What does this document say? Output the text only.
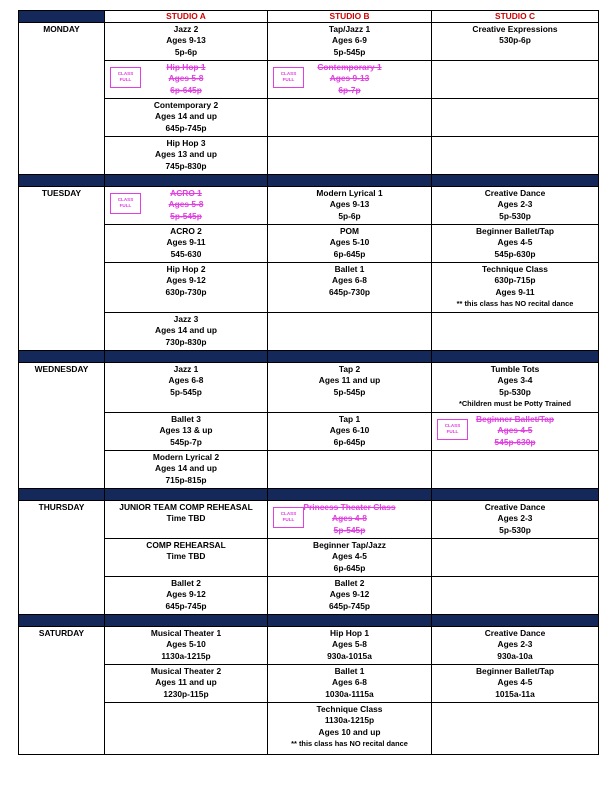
	STUDIO A	STUDIO B	STUDIO C
MONDAY	Jazz 2
Ages 9-13
5p-6p	Tap/Jazz 1
Ages 6-9
5p-545p	Creative Expressions
530p-6p

	CLASS
FULL
Hip Hop 1
Ages 5-8
6p-645p	CLASS
FULL
Contemporary 1
Ages 9-13
6p-7p	

	Contemporary 2
Ages 14 and up
645p-745p		

	Hip Hop 3
Ages 13 and up
745p-830p		

TUESDAY	CLASS
FULL
ACRO 1
Ages 5-8
5p-545p	Modern Lyrical 1
Ages 9-13
5p-6p	Creative Dance
Ages 2-3
5p-530p

	ACRO 2
Ages 9-11
545-630	POM
Ages 5-10
6p-645p	Beginner Ballet/Tap
Ages 4-5
545p-630p

	Hip Hop 2
Ages 9-12
630p-730p	Ballet 1
Ages 6-8
645p-730p	Technique Class
630p-715p
Ages 9-11
** this class has NO recital dance

	Jazz 3
Ages 14 and up
730p-830p		

WEDNESDAY	Jazz 1
Ages 6-8
5p-545p	Tap 2
Ages 11 and up
5p-545p	Tumble Tots
Ages 3-4
5p-530p
*Children must be Potty Trained

	Ballet 3
Ages 13 & up
545p-7p	Tap 1
Ages 6-10
6p-645p	CLASS
FULL
Beginner Ballet/Tap
Ages 4-5
545p-630p

	Modern Lyrical 2
Ages 14 and up
715p-815p		

THURSDAY	JUNIOR TEAM COMP REHEASAL
Time TBD	CLASS
FULL
Princess Theater Class
Ages 4-8
5p-545p	Creative Dance
Ages 2-3
5p-530p

	COMP REHEARSAL
Time TBD	Beginner Tap/Jazz
Ages 4-5
6p-645p	

	Ballet 2
Ages 9-12
645p-745p	Ballet 2
Ages 9-12
645p-745p	

SATURDAY	Musical Theater 1
Ages 5-10
1130a-1215p	Hip Hop 1
Ages 5-8
930a-1015a	Creative Dance
Ages 2-3
930a-10a

	Musical Theater 2
Ages 11 and up
1230p-115p	Ballet 1
Ages 6-8
1030a-1115a	Beginner Ballet/Tap
Ages 4-5
1015a-11a

		Technique Class
1130a-1215p
Ages 10 and up
** this class has NO recital dance	
